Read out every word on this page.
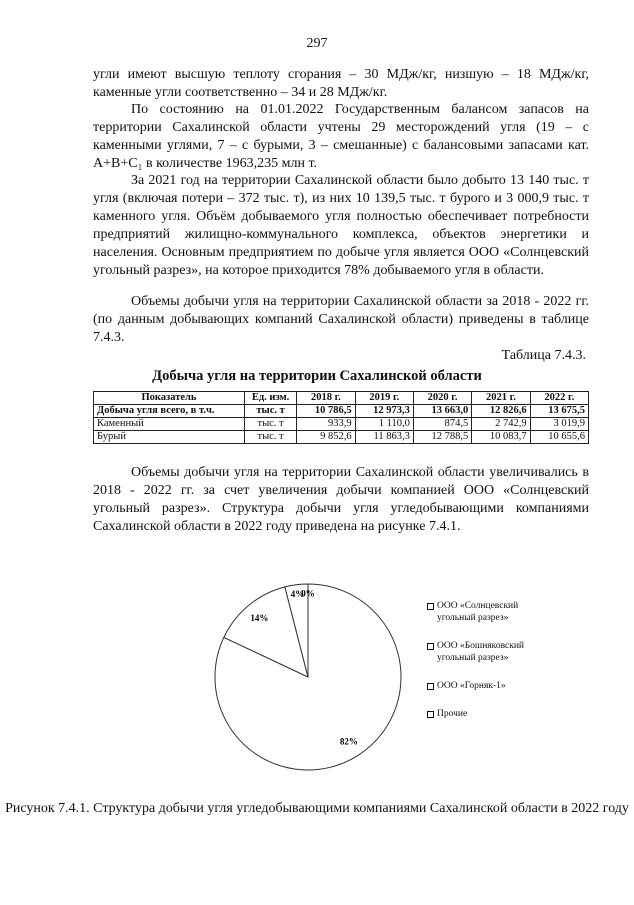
297

угли имеют высшую теплоту сгорания – 30 МДж/кг, низшую – 18 МДж/кг, каменные угли соответственно – 34 и 28 МДж/кг.

По состоянию на 01.01.2022 Государственным балансом запасов на территории Сахалинской области учтены 29 месторождений угля (19 – с каменными углями, 7 – с бурыми, 3 – смешанные) с балансовыми запасами кат. А+В+С₁ в количестве 1963,235 млн т.

За 2021 год на территории Сахалинской области было добыто 13 140 тыс. т угля (включая потери – 372 тыс. т), из них 10 139,5 тыс. т бурого и 3 000,9 тыс. т каменного угля. Объём добываемого угля полностью обеспечивает потребности предприятий жилищно-коммунального комплекса, объектов энергетики и населения. Основным предприятием по добыче угля является ООО «Солнцевский угольный разрез», на которое приходится 78% добываемого угля в области.

Объемы добычи угля на территории Сахалинской области за 2018 - 2022 гг. (по данным добывающих компаний Сахалинской области) приведены в таблице 7.4.3.

Таблица 7.4.3.
Добыча угля на территории Сахалинской области
Показатель	Ед. изм.	2018 г.	2019 г.	2020 г.	2021 г.	2022 г.
Добыча угля всего, в т.ч.	тыс. т	10 786,5	12 973,3	13 663,0	12 826,6	13 675,5
Каменный	тыс. т	933,9	1 110,0	874,5	2 742,9	3 019,9
Бурый	тыс. т	9 852,6	11 863,3	12 788,5	10 083,7	10 655,6

Объемы добычи угля на территории Сахалинской области увеличивались в 2018 - 2022 гг. за счет увеличения добычи компанией ООО «Солнцевский угольный разрез». Структура добычи угля угледобывающими компаниями Сахалинской области в 2022 году приведена на рисунке 7.4.1.

82%
14%
4%
0%
ООО «Солнцевский
угольный разрез»
ООО «Бошняковский
угольный разрез»
ООО «Горняк-1»
Прочие
Рисунок 7.4.1. Структура добычи угля угледобывающими компаниями Сахалинской области в 2022 году
